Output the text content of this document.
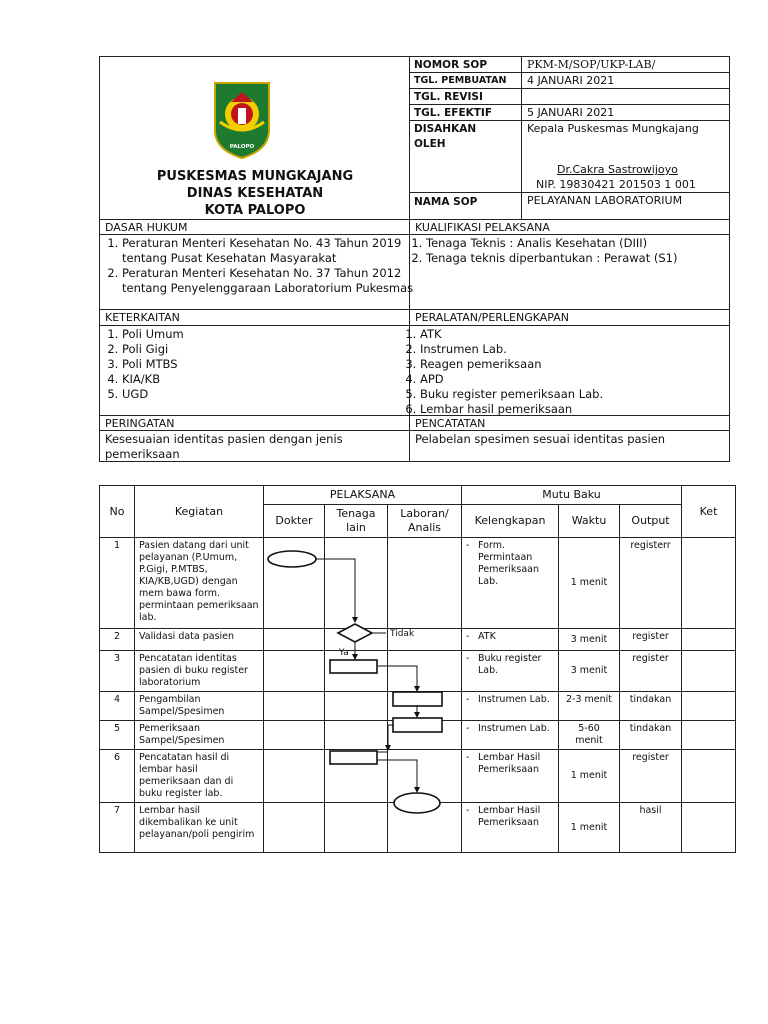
PALOPO
PUSKESMAS MUNGKAJANG
DINAS KESEHATAN
KOTA PALOPO
NOMOR SOP	PKM-M/SOP/UKP-LAB/
TGL. PEMBUATAN 4 JANUARI 2021
TGL. REVISI
TGL. EFEKTIF	5 JANUARI 2021
DISAHKAN OLEH
Kepala Puskesmas Mungkajang
Dr.Cakra Sastrowijoyo
NIP. 19830421 201503 1 001
NAMA SOP	PELAYANAN LABORATORIUM
DASAR HUKUM	KUALIFIKASI PELAKSANA
1. Peraturan Menteri Kesehatan No. 43 Tahun 2019 tentang Pusat Kesehatan Masyarakat
2. Peraturan Menteri Kesehatan No. 37 Tahun 2012 tentang Penyelenggaraan Laboratorium Pukesmas
1. Tenaga Teknis : Analis Kesehatan (DIII)
2. Tenaga teknis diperbantukan : Perawat (S1)
KETERKAITAN	PERALATAN/PERLENGKAPAN
1. Poli Umum
2. Poli Gigi
3. Poli MTBS
4. KIA/KB
5. UGD
1. ATK
2. Instrumen Lab.
3. Reagen pemeriksaan
4. APD
5. Buku register pemeriksaan Lab.
6. Lembar hasil pemeriksaan
PERINGATAN	PENCATATAN
Kesesuaian identitas pasien dengan jenis pemeriksaan
Pelabelan spesimen sesuai identitas pasien
No	Kegiatan	PELAKSANA			Mutu Baku			Ket
		Dokter	Tenaga lain	Laboran/ Analis	Kelengkapan	Waktu	Output	
1	Pasien datang dari unit pelayanan (P.Umum, P.Gigi, P.MTBS, KIA/KB,UGD) dengan mem bawa form. permintaan pemeriksaan lab.				- Form. Permintaan Pemeriksaan Lab.	1 menit	registerr	
2	Validasi data pasien				- ATK	3 menit	register	
3	Pencatatan identitas pasien di buku register laboratorium				- Buku register Lab.	3 menit	register	
4	Pengambilan Sampel/Spesimen				- Instrumen Lab.	2-3 menit	tindakan	
5	Pemeriksaan Sampel/Spesimen				- Instrumen Lab.	5-60 menit	tindakan	
6	Pencatatan hasil di lembar hasil pemeriksaan dan di buku register lab.				- Lembar Hasil Pemeriksaan	1 menit	register	
7	Lembar hasil dikembalikan ke unit pelayanan/poli pengirim				- Lembar Hasil Pemeriksaan	1 menit	hasil	
Tidak
Ya
